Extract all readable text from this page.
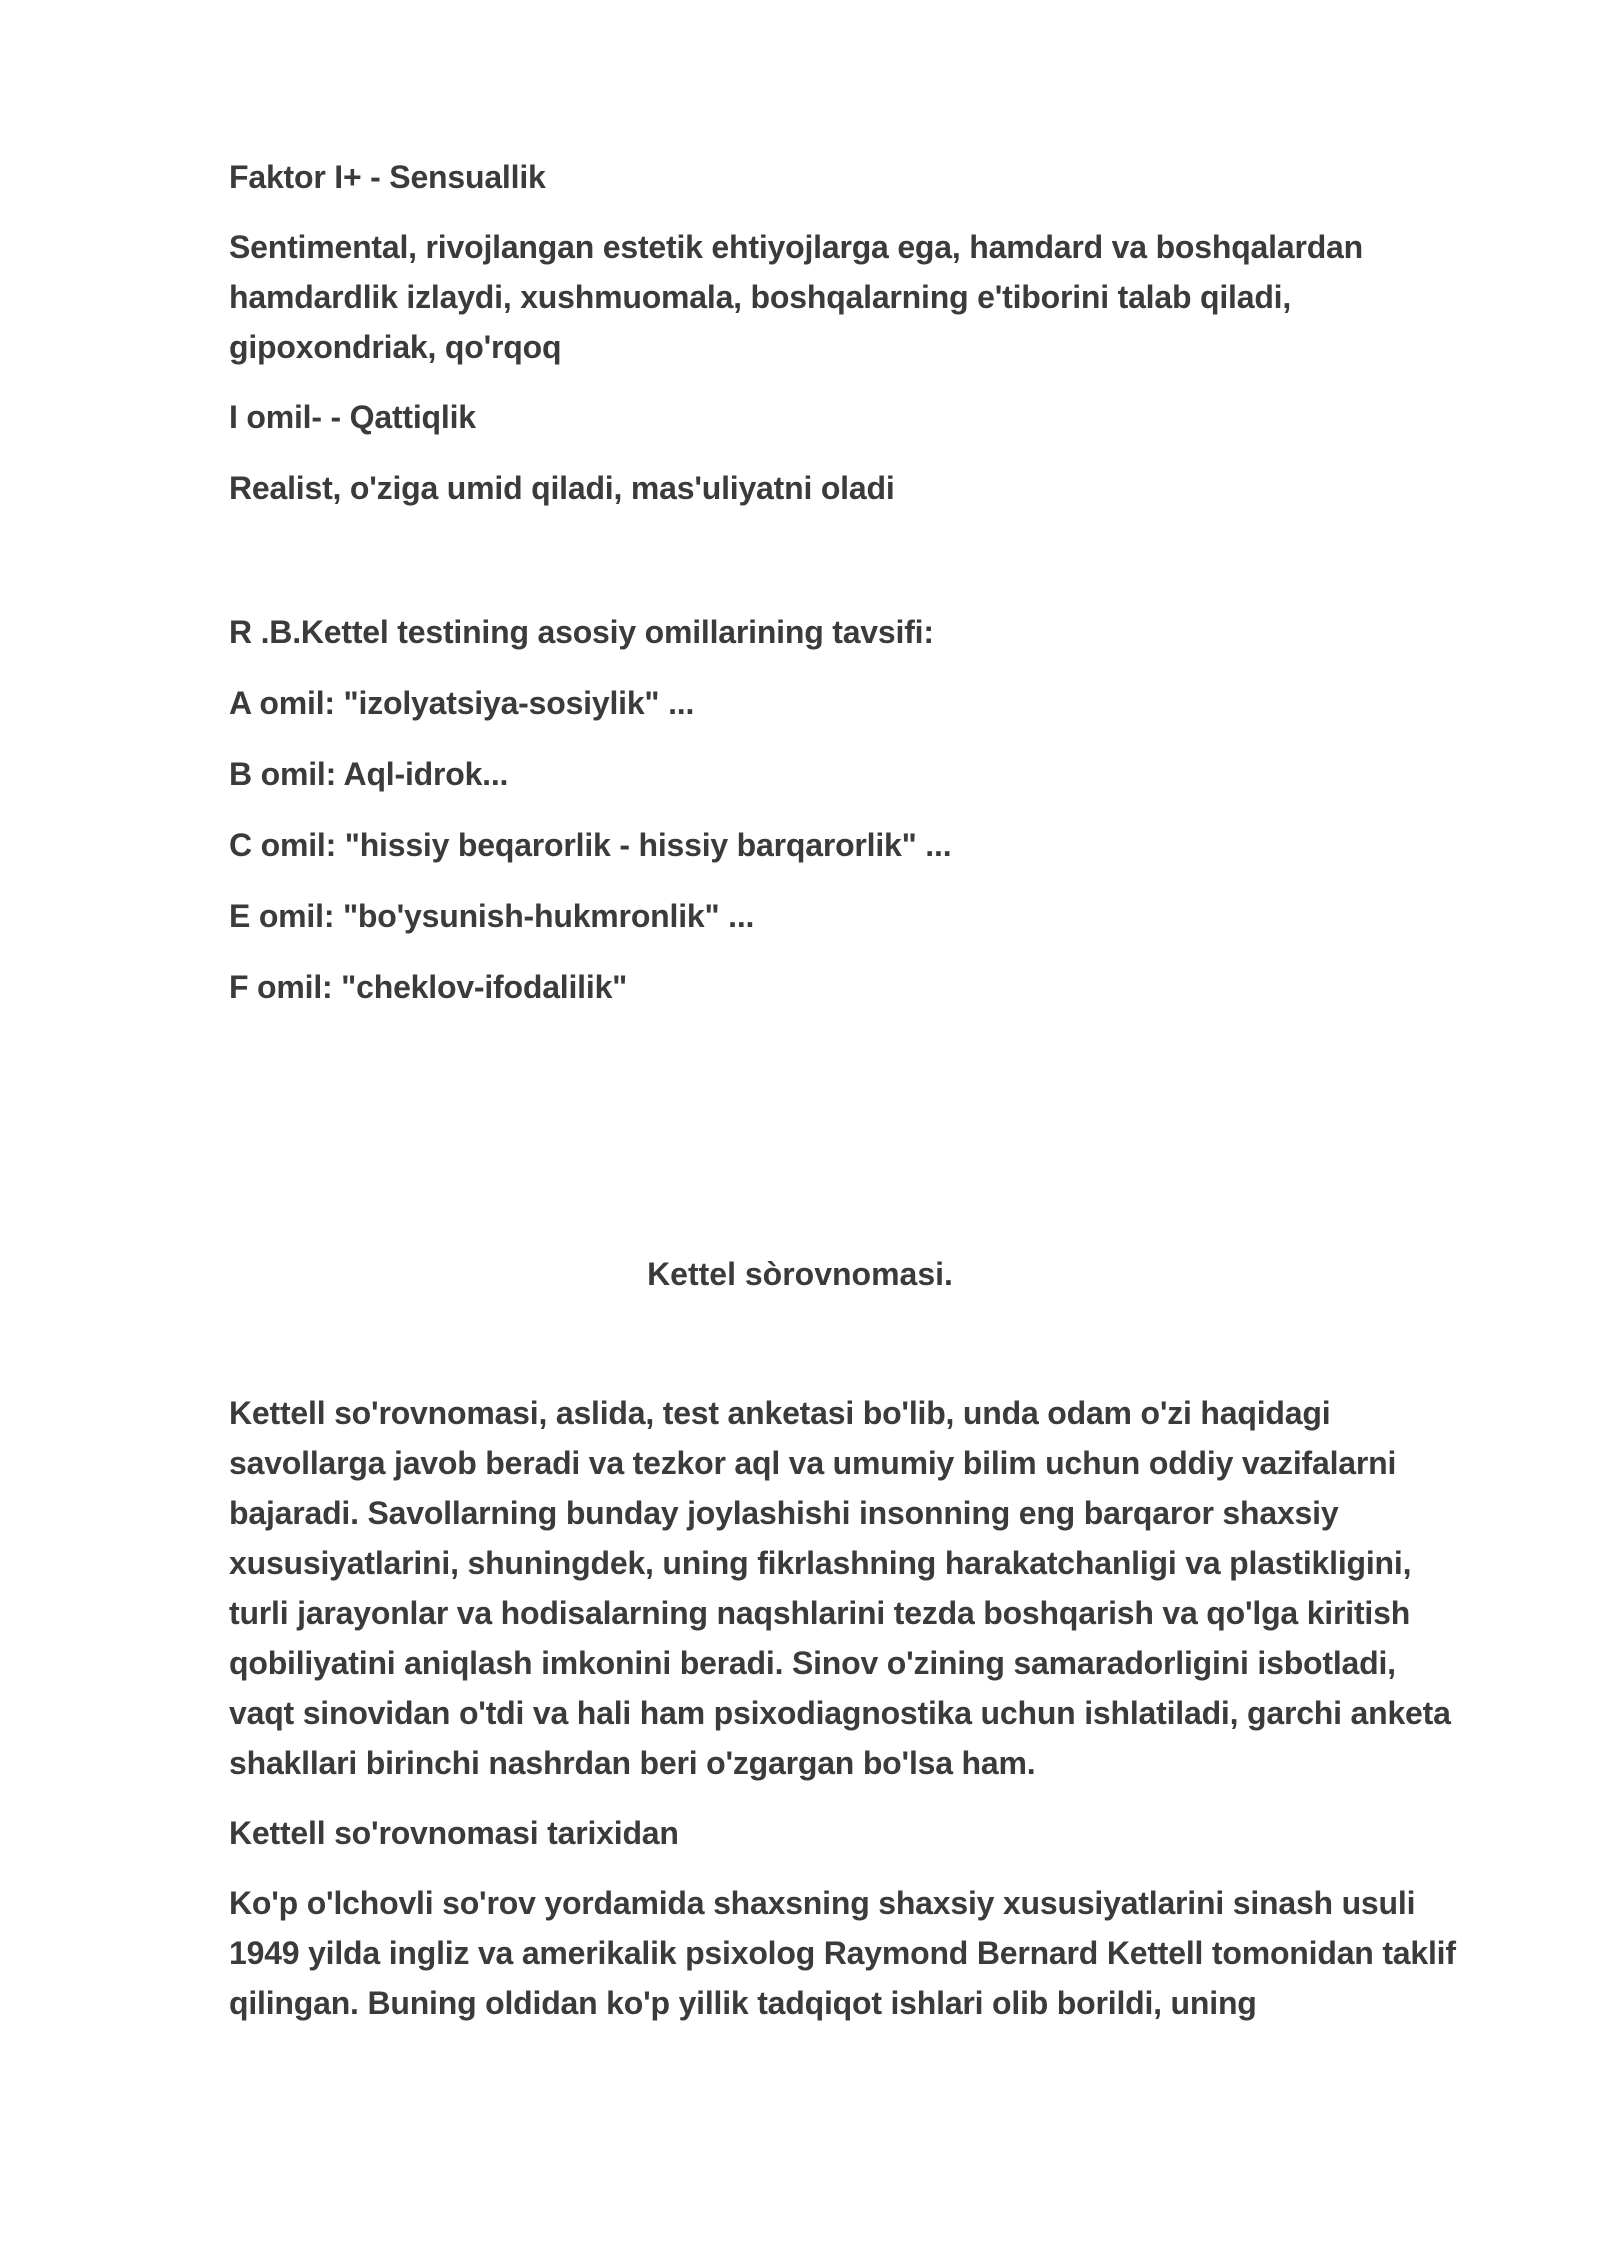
Faktor I+ - Sensuallik

Sentimental, rivojlangan estetik ehtiyojlarga ega, hamdard va boshqalardan hamdardlik izlaydi, xushmuomala, boshqalarning e'tiborini talab qiladi, gipoxondriak, qo'rqoq

I omil- - Qattiqlik

Realist, o'ziga umid qiladi, mas'uliyatni oladi

R .B.Kettel testining asosiy omillarining tavsifi:

A omil: "izolyatsiya-sosiylik" ...

B omil: Aql-idrok...

C omil: "hissiy beqarorlik - hissiy barqarorlik" ...

E omil: "bo'ysunish-hukmronlik" ...

F omil: "cheklov-ifodalilik"

Kettel sòrovnomasi.

Kettell so'rovnomasi, aslida, test anketasi bo'lib, unda odam o'zi haqidagi savollarga javob beradi va tezkor aql va umumiy bilim uchun oddiy vazifalarni bajaradi. Savollarning bunday joylashishi insonning eng barqaror shaxsiy xususiyatlarini, shuningdek, uning fikrlashning harakatchanligi va plastikligini, turli jarayonlar va hodisalarning naqshlarini tezda boshqarish va qo'lga kiritish qobiliyatini aniqlash imkonini beradi. Sinov o'zining samaradorligini isbotladi, vaqt sinovidan o'tdi va hali ham psixodiagnostika uchun ishlatiladi, garchi anketa shakllari birinchi nashrdan beri o'zgargan bo'lsa ham.

Kettell so'rovnomasi tarixidan

Ko'p o'lchovli so'rov yordamida shaxsning shaxsiy xususiyatlarini sinash usuli 1949 yilda ingliz va amerikalik psixolog Raymond Bernard Kettell tomonidan taklif qilingan. Buning oldidan ko'p yillik tadqiqot ishlari olib borildi, uning
